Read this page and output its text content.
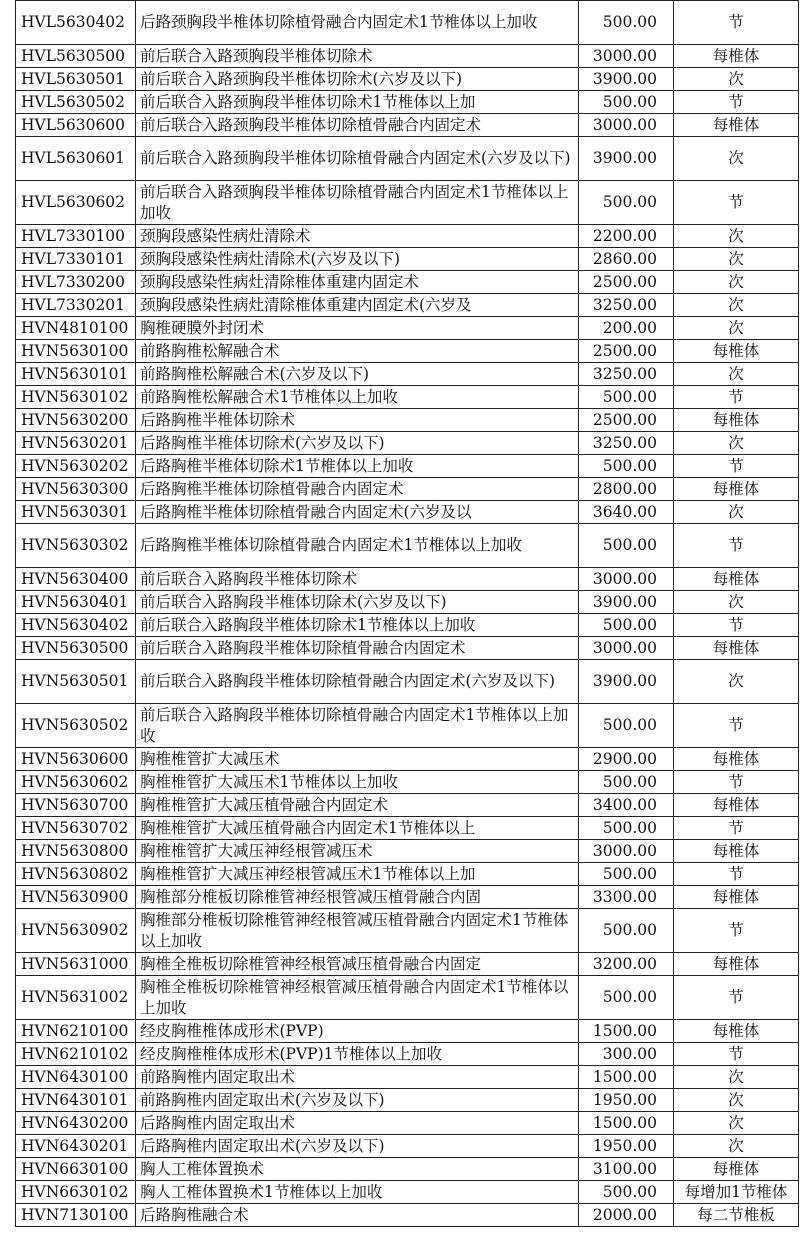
HVL5630402	后路颈胸段半椎体切除植骨融合内固定术1节椎体以上加收	500.00	节
HVL5630500	前后联合入路颈胸段半椎体切除术	3000.00	每椎体
HVL5630501	前后联合入路颈胸段半椎体切除术(六岁及以下)	3900.00	次
HVL5630502	前后联合入路颈胸段半椎体切除术1节椎体以上加	500.00	节
HVL5630600	前后联合入路颈胸段半椎体切除植骨融合内固定术	3000.00	每椎体
HVL5630601	前后联合入路颈胸段半椎体切除植骨融合内固定术(六岁及以下)	3900.00	次
HVL5630602	前后联合入路颈胸段半椎体切除植骨融合内固定术1节椎体以上加收	500.00	节
HVL7330100	颈胸段感染性病灶清除术	2200.00	次
HVL7330101	颈胸段感染性病灶清除术(六岁及以下)	2860.00	次
HVL7330200	颈胸段感染性病灶清除椎体重建内固定术	2500.00	次
HVL7330201	颈胸段感染性病灶清除椎体重建内固定术(六岁及	3250.00	次
HVN4810100	胸椎硬膜外封闭术	200.00	次
HVN5630100	前路胸椎松解融合术	2500.00	每椎体
HVN5630101	前路胸椎松解融合术(六岁及以下)	3250.00	次
HVN5630102	前路胸椎松解融合术1节椎体以上加收	500.00	节
HVN5630200	后路胸椎半椎体切除术	2500.00	每椎体
HVN5630201	后路胸椎半椎体切除术(六岁及以下)	3250.00	次
HVN5630202	后路胸椎半椎体切除术1节椎体以上加收	500.00	节
HVN5630300	后路胸椎半椎体切除植骨融合内固定术	2800.00	每椎体
HVN5630301	后路胸椎半椎体切除植骨融合内固定术(六岁及以	3640.00	次
HVN5630302	后路胸椎半椎体切除植骨融合内固定术1节椎体以上加收	500.00	节
HVN5630400	前后联合入路胸段半椎体切除术	3000.00	每椎体
HVN5630401	前后联合入路胸段半椎体切除术(六岁及以下)	3900.00	次
HVN5630402	前后联合入路胸段半椎体切除术1节椎体以上加收	500.00	节
HVN5630500	前后联合入路胸段半椎体切除植骨融合内固定术	3000.00	每椎体
HVN5630501	前后联合入路胸段半椎体切除植骨融合内固定术(六岁及以下)	3900.00	次
HVN5630502	前后联合入路胸段半椎体切除植骨融合内固定术1节椎体以上加收	500.00	节
HVN5630600	胸椎椎管扩大减压术	2900.00	每椎体
HVN5630602	胸椎椎管扩大减压术1节椎体以上加收	500.00	节
HVN5630700	胸椎椎管扩大减压植骨融合内固定术	3400.00	每椎体
HVN5630702	胸椎椎管扩大减压植骨融合内固定术1节椎体以上	500.00	节
HVN5630800	胸椎椎管扩大减压神经根管减压术	3000.00	每椎体
HVN5630802	胸椎椎管扩大减压神经根管减压术1节椎体以上加	500.00	节
HVN5630900	胸椎部分椎板切除椎管神经根管减压植骨融合内固	3300.00	每椎体
HVN5630902	胸椎部分椎板切除椎管神经根管减压植骨融合内固定术1节椎体以上加收	500.00	节
HVN5631000	胸椎全椎板切除椎管神经根管减压植骨融合内固定	3200.00	每椎体
HVN5631002	胸椎全椎板切除椎管神经根管减压植骨融合内固定术1节椎体以上加收	500.00	节
HVN6210100	经皮胸椎椎体成形术(PVP)	1500.00	每椎体
HVN6210102	经皮胸椎椎体成形术(PVP)1节椎体以上加收	300.00	节
HVN6430100	前路胸椎内固定取出术	1500.00	次
HVN6430101	前路胸椎内固定取出术(六岁及以下)	1950.00	次
HVN6430200	后路胸椎内固定取出术	1500.00	次
HVN6430201	后路胸椎内固定取出术(六岁及以下)	1950.00	次
HVN6630100	胸人工椎体置换术	3100.00	每椎体
HVN6630102	胸人工椎体置换术1节椎体以上加收	500.00	每增加1节椎体
HVN7130100	后路胸椎融合术	2000.00	每二节椎板
